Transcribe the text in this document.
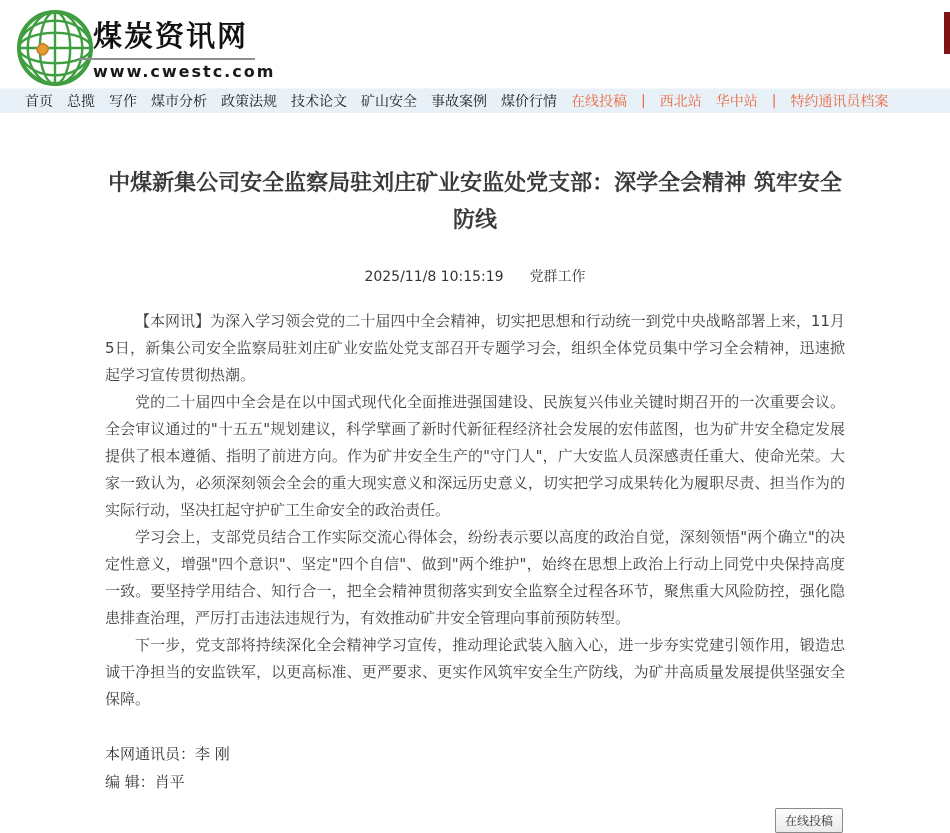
煤炭资讯网
www.cwestc.com
首页 总揽 写作 煤市分析 政策法规 技术论文 矿山安全 事故案例 煤价行情 在线投稿 | 西北站 华中站 | 特约通讯员档案
中煤新集公司安全监察局驻刘庄矿业安监处党支部：深学全会精神 筑牢安全防线
2025/11/8 10:15:19 党群工作

【本网讯】为深入学习领会党的二十届四中全会精神，切实把思想和行动统一到党中央战略部署上来，11月5日，新集公司安全监察局驻刘庄矿业安监处党支部召开专题学习会，组织全体党员集中学习全会精神，迅速掀起学习宣传贯彻热潮。

党的二十届四中全会是在以中国式现代化全面推进强国建设、民族复兴伟业关键时期召开的一次重要会议。全会审议通过的"十五五"规划建议，科学擘画了新时代新征程经济社会发展的宏伟蓝图，也为矿井安全稳定发展提供了根本遵循、指明了前进方向。作为矿井安全生产的"守门人"，广大安监人员深感责任重大、使命光荣。大家一致认为，必须深刻领会全会的重大现实意义和深远历史意义，切实把学习成果转化为履职尽责、担当作为的实际行动，坚决扛起守护矿工生命安全的政治责任。

学习会上，支部党员结合工作实际交流心得体会，纷纷表示要以高度的政治自觉，深刻领悟"两个确立"的决定性意义，增强"四个意识"、坚定"四个自信"、做到"两个维护"，始终在思想上政治上行动上同党中央保持高度一致。要坚持学用结合、知行合一，把全会精神贯彻落实到安全监察全过程各环节，聚焦重大风险防控，强化隐患排查治理，严厉打击违法违规行为，有效推动矿井安全管理向事前预防转型。

下一步，党支部将持续深化全会精神学习宣传，推动理论武装入脑入心，进一步夯实党建引领作用，锻造忠诚干净担当的安监铁军，以更高标准、更严要求、更实作风筑牢安全生产防线，为矿井高质量发展提供坚强安全保障。

本网通讯员：李 刚
编 辑：肖平
在线投稿
